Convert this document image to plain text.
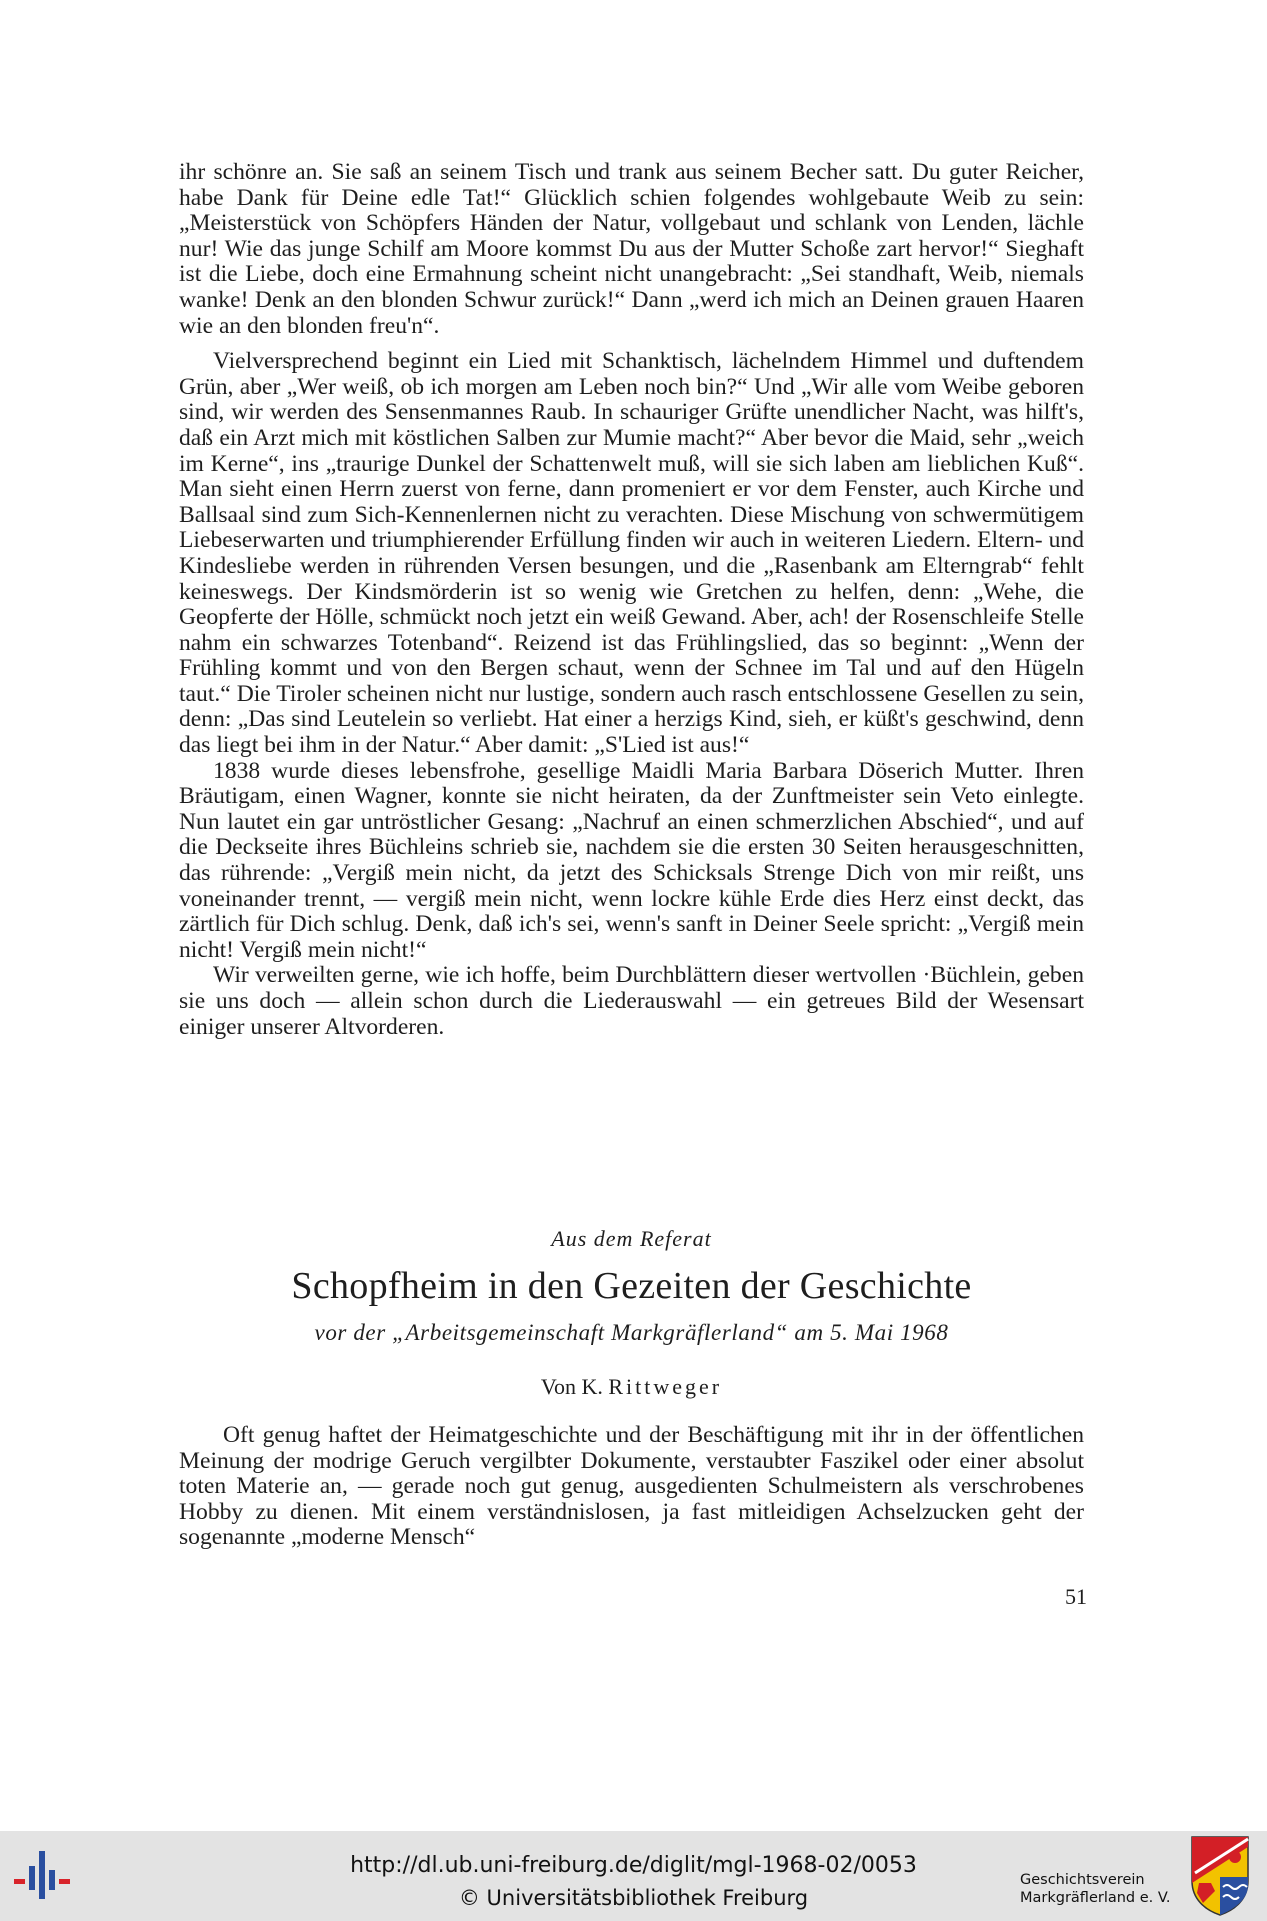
ihr schönre an. Sie saß an seinem Tisch und trank aus seinem Becher satt. Du guter Reicher, habe Dank für Deine edle Tat!“ Glücklich schien folgendes wohlgebaute Weib zu sein: „Meisterstück von Schöpfers Händen der Natur, vollgebaut und schlank von Lenden, lächle nur! Wie das junge Schilf am Moore kommst Du aus der Mutter Schoße zart hervor!“ Sieghaft ist die Liebe, doch eine Ermahnung scheint nicht unangebracht: „Sei standhaft, Weib, niemals wanke! Denk an den blonden Schwur zurück!“ Dann „werd ich mich an Deinen grauen Haaren wie an den blonden freu'n“.

Vielversprechend beginnt ein Lied mit Schanktisch, lächelndem Himmel und duftendem Grün, aber „Wer weiß, ob ich morgen am Leben noch bin?“ Und „Wir alle vom Weibe geboren sind, wir werden des Sensenmannes Raub. In schauriger Grüfte unendlicher Nacht, was hilft's, daß ein Arzt mich mit köstlichen Salben zur Mumie macht?“ Aber bevor die Maid, sehr „weich im Kerne“, ins „traurige Dunkel der Schattenwelt muß, will sie sich laben am lieblichen Kuß“. Man sieht einen Herrn zuerst von ferne, dann promeniert er vor dem Fenster, auch Kirche und Ballsaal sind zum Sich-Kennenlernen nicht zu verachten. Diese Mischung von schwermütigem Liebeserwarten und triumphierender Erfüllung finden wir auch in weiteren Liedern. Eltern- und Kindesliebe werden in rührenden Versen besungen, und die „Rasenbank am Elterngrab“ fehlt keineswegs. Der Kindsmörderin ist so wenig wie Gretchen zu helfen, denn: „Wehe, die Geopferte der Hölle, schmückt noch jetzt ein weiß Gewand. Aber, ach! der Rosenschleife Stelle nahm ein schwarzes Totenband“. Reizend ist das Frühlingslied, das so beginnt: „Wenn der Frühling kommt und von den Bergen schaut, wenn der Schnee im Tal und auf den Hügeln taut.“ Die Tiroler scheinen nicht nur lustige, sondern auch rasch entschlossene Gesellen zu sein, denn: „Das sind Leutelein so verliebt. Hat einer a herzigs Kind, sieh, er küßt's geschwind, denn das liegt bei ihm in der Natur.“ Aber damit: „S'Lied ist aus!“

1838 wurde dieses lebensfrohe, gesellige Maidli Maria Barbara Döserich Mutter. Ihren Bräutigam, einen Wagner, konnte sie nicht heiraten, da der Zunftmeister sein Veto einlegte. Nun lautet ein gar untröstlicher Gesang: „Nachruf an einen schmerzlichen Abschied“, und auf die Deckseite ihres Büchleins schrieb sie, nachdem sie die ersten 30 Seiten herausgeschnitten, das rührende: „Vergiß mein nicht, da jetzt des Schicksals Strenge Dich von mir reißt, uns voneinander trennt, — vergiß mein nicht, wenn lockre kühle Erde dies Herz einst deckt, das zärtlich für Dich schlug. Denk, daß ich's sei, wenn's sanft in Deiner Seele spricht: „Vergiß mein nicht! Vergiß mein nicht!“

Wir verweilten gerne, wie ich hoffe, beim Durchblättern dieser wertvollen ·Büchlein, geben sie uns doch — allein schon durch die Liederauswahl — ein getreues Bild der Wesensart einiger unserer Altvorderen.

Aus dem Referat
Schopfheim in den Gezeiten der Geschichte
vor der „Arbeitsgemeinschaft Markgräflerland“ am 5. Mai 1968
Von K. Rittweger

Oft genug haftet der Heimatgeschichte und der Beschäftigung mit ihr in der öffentlichen Meinung der modrige Geruch vergilbter Dokumente, verstaubter Faszikel oder einer absolut toten Materie an, — gerade noch gut genug, ausgedienten Schulmeistern als verschrobenes Hobby zu dienen. Mit einem verständnislosen, ja fast mitleidigen Achselzucken geht der sogenannte „moderne Mensch“

51
http://dl.ub.uni-freiburg.de/diglit/mgl-1968-02/0053
© Universitätsbibliothek Freiburg
Geschichtsverein
Markgräflerland e. V.
